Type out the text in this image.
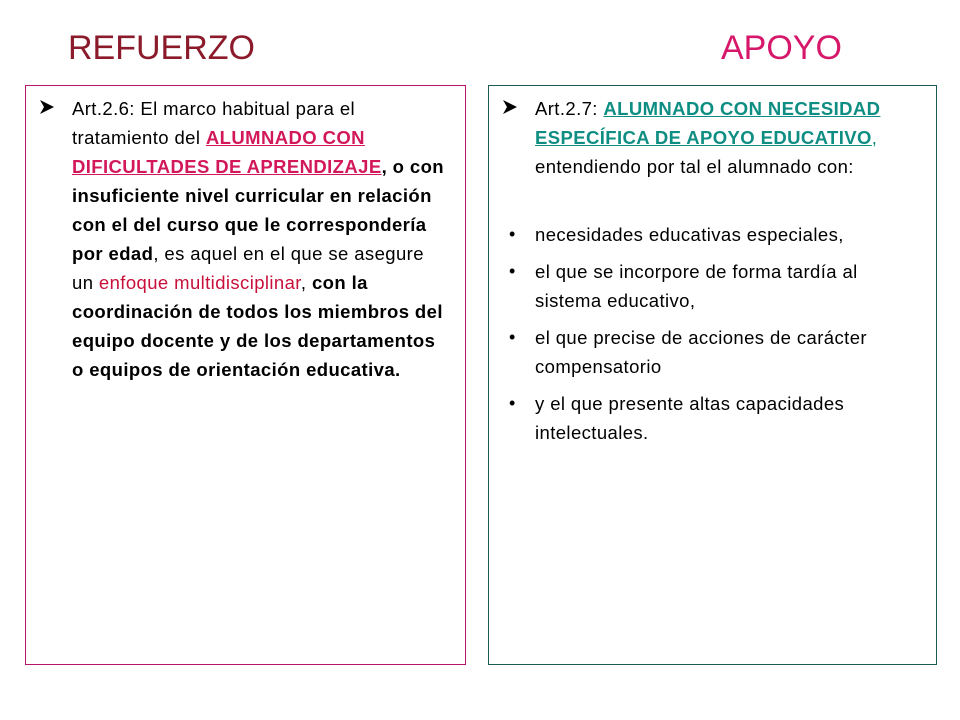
REFUERZO	APOYO

Art.2.6: El marco habitual para el tratamiento del ALUMNADO CON DIFICULTADES DE APRENDIZAJE, o con insuficiente nivel curricular en relación con el del curso que le correspondería por edad, es aquel en el que se asegure un enfoque multidisciplinar, con la coordinación de todos los miembros del equipo docente y de los departamentos o equipos de orientación educativa.

Art.2.7: ALUMNADO CON NECESIDAD ESPECÍFICA DE APOYO EDUCATIVO, entendiendo por tal el alumnado con:

• necesidades educativas especiales,
• el que se incorpore de forma tardía al sistema educativo,
• el que precise de acciones de carácter compensatorio
• y el que presente altas capacidades intelectuales.
